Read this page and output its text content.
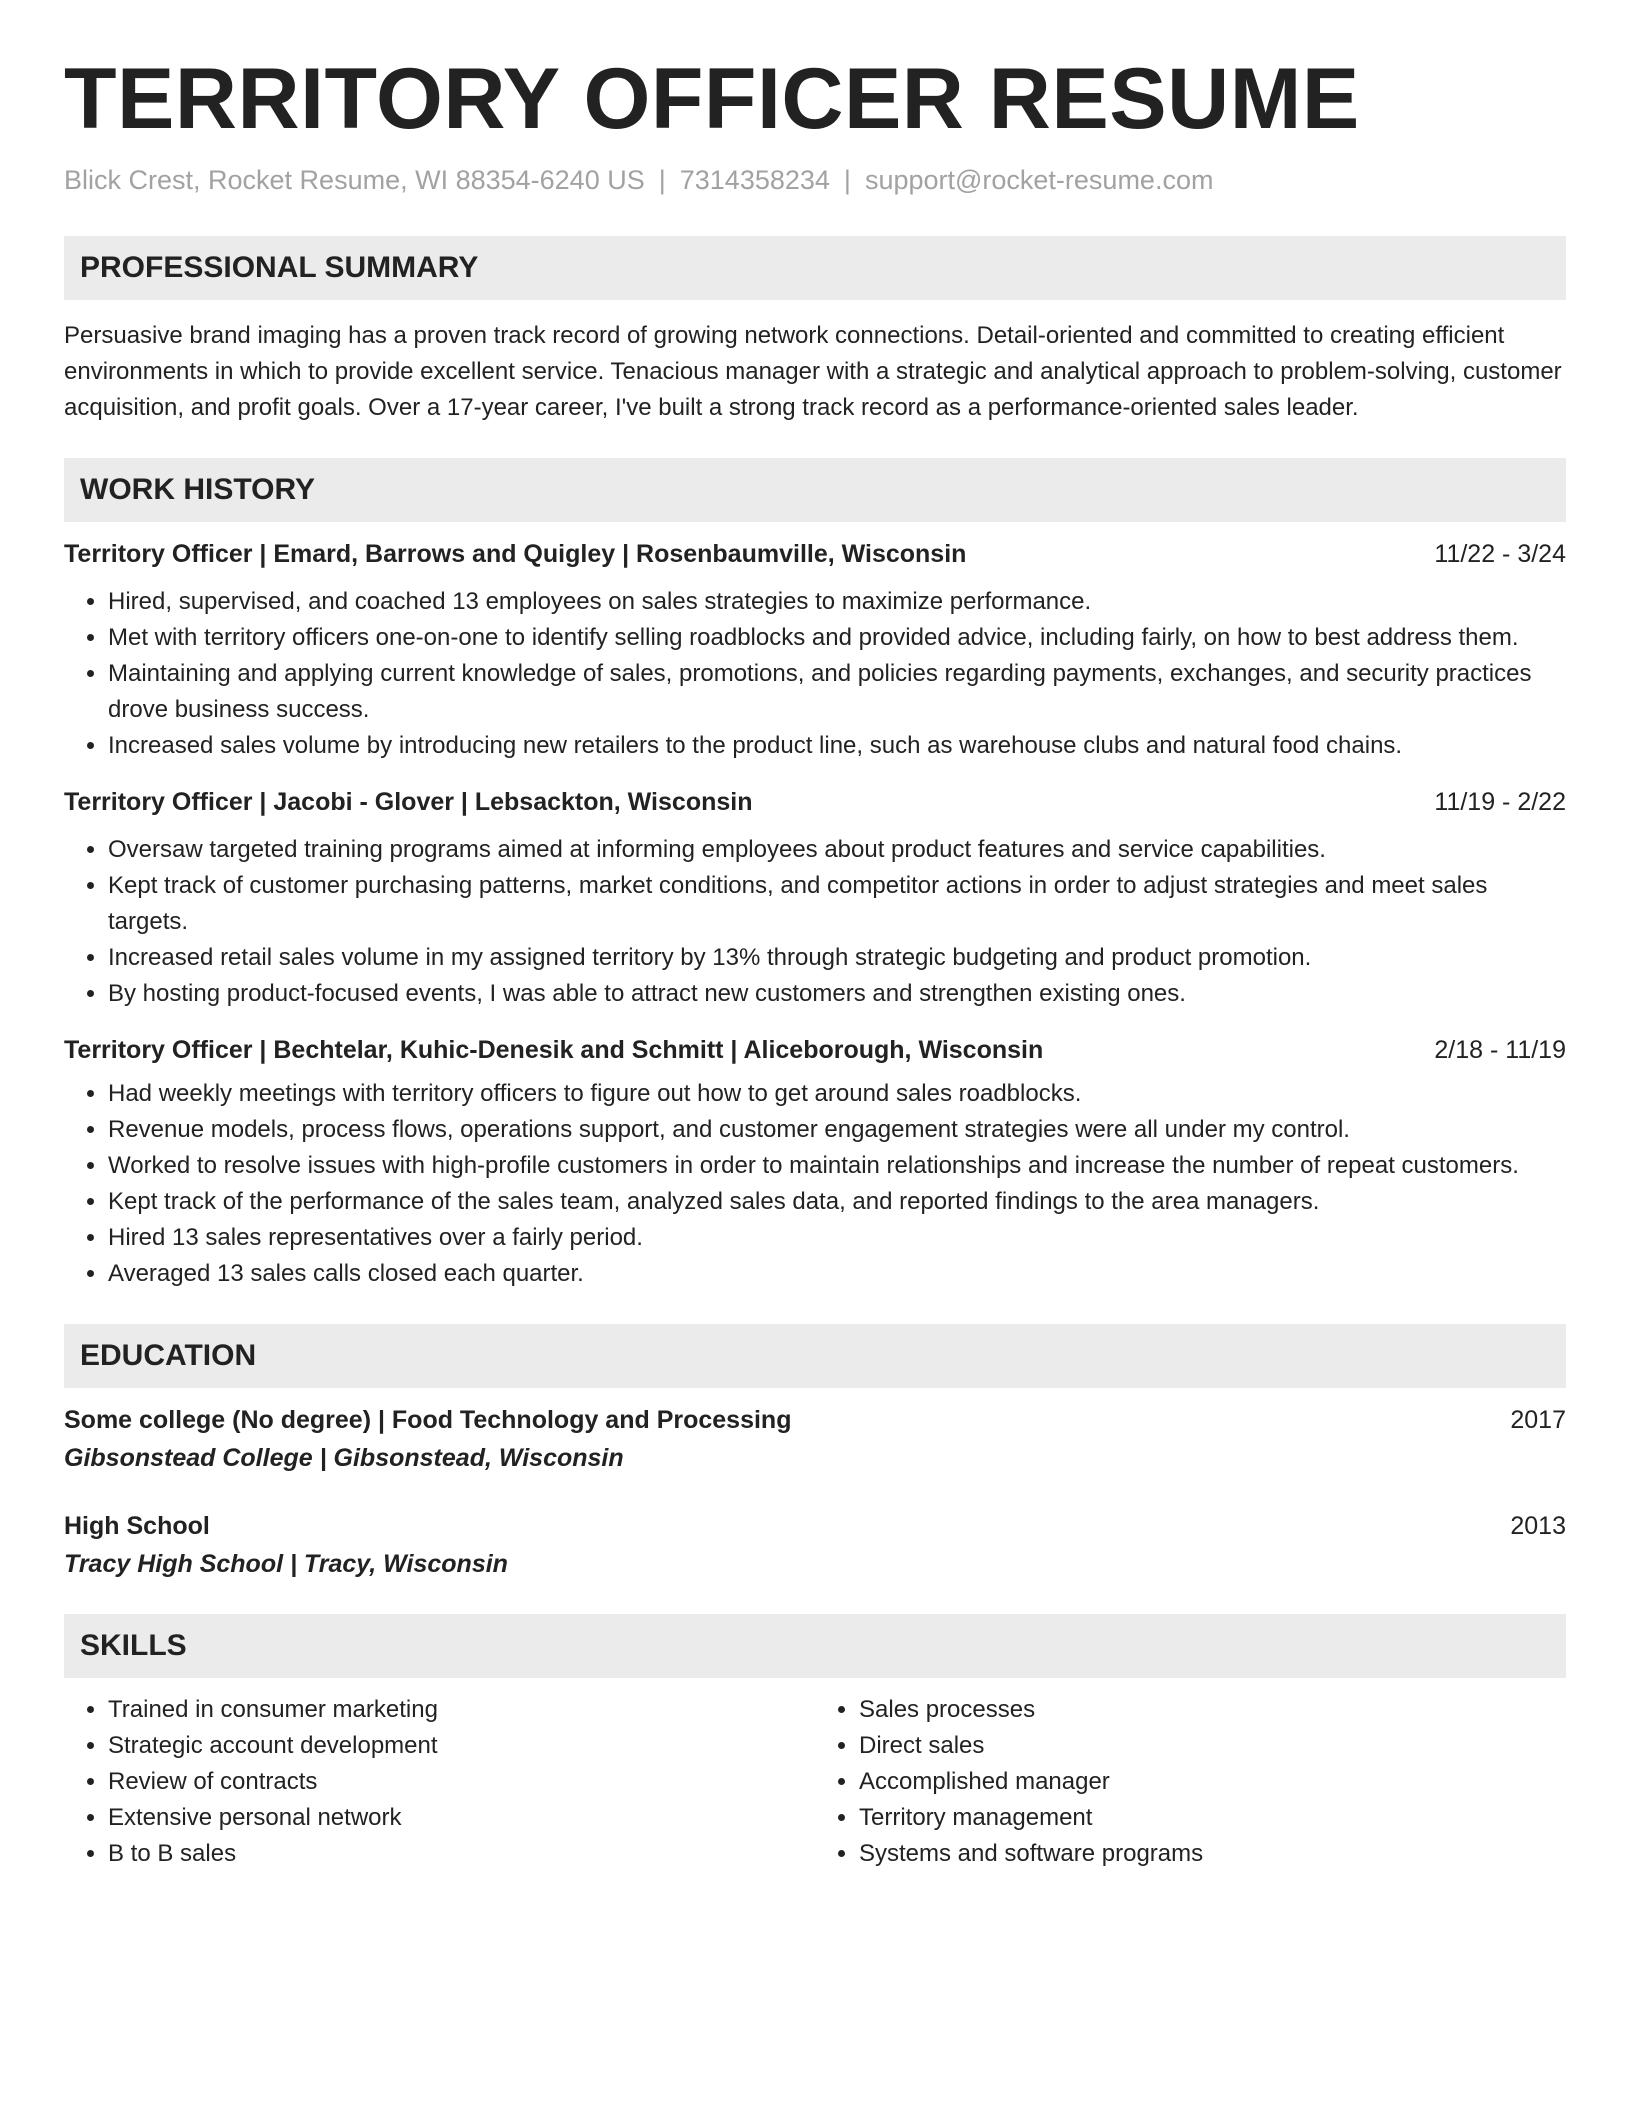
TERRITORY OFFICER RESUME
Blick Crest, Rocket Resume, WI 88354-6240 US | 7314358234 | support@rocket-resume.com
PROFESSIONAL SUMMARY

Persuasive brand imaging has a proven track record of growing network connections. Detail-oriented and committed to creating efficient environments in which to provide excellent service. Tenacious manager with a strategic and analytical approach to problem-solving, customer acquisition, and profit goals. Over a 17-year career, I've built a strong track record as a performance-oriented sales leader.

WORK HISTORY
Territory Officer | Emard, Barrows and Quigley | Rosenbaumville, Wisconsin	11/22 - 3/24
• Hired, supervised, and coached 13 employees on sales strategies to maximize performance.
• Met with territory officers one-on-one to identify selling roadblocks and provided advice, including fairly, on how to best address them.
• Maintaining and applying current knowledge of sales, promotions, and policies regarding payments, exchanges, and security practices drove business success.
• Increased sales volume by introducing new retailers to the product line, such as warehouse clubs and natural food chains.
Territory Officer | Jacobi - Glover | Lebsackton, Wisconsin	11/19 - 2/22
• Oversaw targeted training programs aimed at informing employees about product features and service capabilities.
• Kept track of customer purchasing patterns, market conditions, and competitor actions in order to adjust strategies and meet sales targets.
• Increased retail sales volume in my assigned territory by 13% through strategic budgeting and product promotion.
• By hosting product-focused events, I was able to attract new customers and strengthen existing ones.
Territory Officer | Bechtelar, Kuhic-Denesik and Schmitt | Aliceborough, Wisconsin	2/18 - 11/19
• Had weekly meetings with territory officers to figure out how to get around sales roadblocks.
• Revenue models, process flows, operations support, and customer engagement strategies were all under my control.
• Worked to resolve issues with high-profile customers in order to maintain relationships and increase the number of repeat customers.
• Kept track of the performance of the sales team, analyzed sales data, and reported findings to the area managers.
• Hired 13 sales representatives over a fairly period.
• Averaged 13 sales calls closed each quarter.
EDUCATION
Some college (No degree) | Food Technology and Processing	2017
Gibsonstead College | Gibsonstead, Wisconsin
High School	2013
Tracy High School | Tracy, Wisconsin
SKILLS
• Trained in consumer marketing
• Strategic account development
• Review of contracts
• Extensive personal network
• B to B sales
• Sales processes
• Direct sales
• Accomplished manager
• Territory management
• Systems and software programs
